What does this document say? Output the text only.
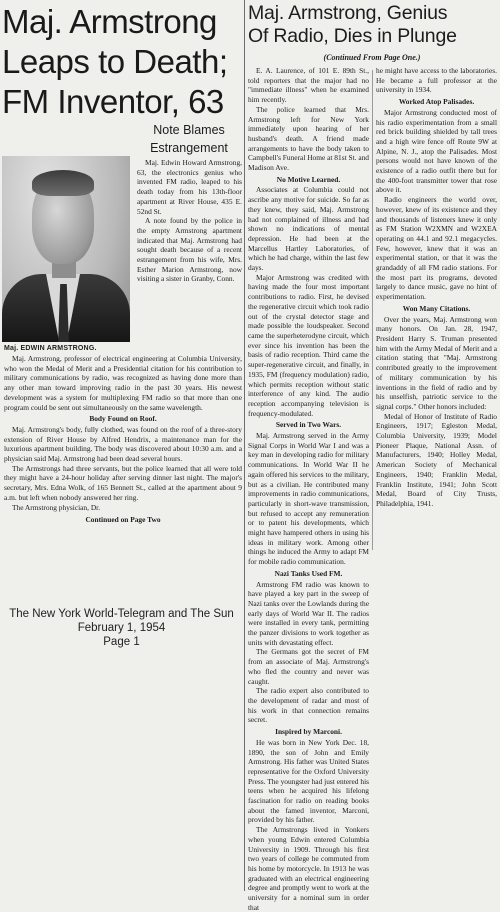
Maj. Armstrong
Leaps to Death;
FM Inventor, 63
Note Blames
Estrangement
Maj. EDWIN ARMSTRONG.

Maj. Edwin Howard Armstrong, 63, the electronics genius who invented FM radio, leaped to his death today from his 13th-floor apartment at River House, 435 E. 52nd St.

A note found by the police in the empty Armstrong apartment indicated that Maj. Armstrong had sought death because of a recent estrangement from his wife, Mrs. Esther Marion Armstrong, now visiting a sister in Granby, Conn.

Maj. Armstrong, professor of electrical engineering at Columbia University, who won the Medal of Merit and a Presidential citation for his contribution to military communications by radio, was recognized as having done more than any other man toward improving radio in the past 30 years. His newest development was a system for multiplexing FM radio so that more than one program could be sent out simultaneously on the same wavelength.

Body Found on Roof.

Maj. Armstrong's body, fully clothed, was found on the roof of a three-story extension of River House by Alfred Hendrix, a maintenance man for the luxurious apartment building. The body was discovered about 10:30 a.m. and a physician said Maj. Armstrong had been dead several hours.

The Armstrongs had three servants, but the police learned that all were told they might have a 24-hour holiday after serving dinner last night. The major's secretary, Mrs. Edna Wolk, of 165 Bennett St., called at the apartment about 9 a.m. but left when nobody answered her ring.

The Armstrong physician, Dr.

Continued on Page Two
The New York World-Telegram and The Sun
February 1, 1954
Page 1
Maj. Armstrong, Genius
Of Radio, Dies in Plunge
(Continued From Page One.)

E. A. Laurence, of 101 E. 89th St., told reporters that the major had no "immediate illness" when he examined him recently.

The police learned that Mrs. Armstrong left for New York immediately upon hearing of her husband's death. A friend made arrangements to have the body taken to Campbell's Funeral Home at 81st St. and Madison Ave.

No Motive Learned.

Associates at Columbia could not ascribe any motive for suicide. So far as they knew, they said, Maj. Armstrong had not complained of illness and had shown no indications of mental depression. He had been at the Marcellus Hartley Laboratories, of which he had charge, within the last few days.

Major Armstrong was credited with having made the four most important contributions to radio. First, he devised the regenerative circuit which took radio out of the crystal detector stage and made possible the loudspeaker. Second came the superheterodyne circuit, which ever since his invention has been the basis of radio reception. Third came the super-regenerative circuit, and finally, in 1935, FM (frequency modulation) radio, which permits reception without static interference of any kind. The audio reception accompanying television is frequency-modulated.

Served in Two Wars.

Maj. Armstrong served in the Army Signal Corps in World War I and was a key man in developing radio for military communications. In World War II he again offered his services to the military, but as a civilian. He contributed many improvements in radio communications, particularly in short-wave transmission, but refused to accept any remuneration or to patent his developments, which might have hampered others in using his ideas in military work. Among other things he induced the Army to adapt FM for mobile radio communication.

Nazi Tanks Used FM.

Armstrong FM radio was known to have played a key part in the sweep of Nazi tanks over the Lowlands during the early days of World War II. The radios were installed in every tank, permitting the panzer divisions to work together as units with devastating effect.

The Germans got the secret of FM from an associate of Maj. Armstrong's who fled the country and never was caught.

The radio expert also contributed to the development of radar and most of his work in that connection remains secret.

Inspired by Marconi.

He was born in New York Dec. 18, 1890, the son of John and Emily Armstrong. His father was United States representative for the Oxford University Press. The youngster had just entered his teens when he acquired his lifelong fascination for radio on reading books about the famed inventor, Marconi, provided by his father.

The Armstrongs lived in Yonkers when young Edwin entered Columbia University in 1909. Through his first two years of college he commuted from his home by motorcycle. In 1913 he was graduated with an electrical engineering degree and promptly went to work at the university for a nominal sum in order that

he might have access to the laboratories. He became a full professor at the university in 1934.

Worked Atop Palisades.

Major Armstrong conducted most of his radio experimentation from a small red brick building shielded by tall trees and a high wire fence off Route 9W at Alpine, N. J., atop the Palisades. Most persons would not have known of the existence of a radio outfit there but for the 400-foot transmitter tower that rose above it.

Radio engineers the world over, however, knew of its existence and they and thousands of listeners knew it only as FM Station W2XMN and W2XEA operating on 44.1 and 92.1 megacycles. Few, however, knew that it was an experimental station, or that it was the grandaddy of all FM radio stations. For the most part its programs, devoted largely to dance music, gave no hint of experimentation.

Won Many Citations.

Over the years, Maj. Armstrong won many honors. On Jan. 28, 1947, President Harry S. Truman presented him with the Army Medal of Merit and a citation stating that "Maj. Armstrong contributed greatly to the improvement of military communication by his inventions in the field of radio and by his unselfish, patriotic service to the signal corps." Other honors included:

Medal of Honor of Institute of Radio Engineers, 1917; Egleston Medal, Columbia University, 1939; Model Pioneer Plaque, National Assn. of Manufacturers, 1940; Holley Medal, American Society of Mechanical Engineers, 1940; Franklin Medal, Franklin Institute, 1941; John Scott Medal, Board of City Trusts, Philadelphia, 1941.
